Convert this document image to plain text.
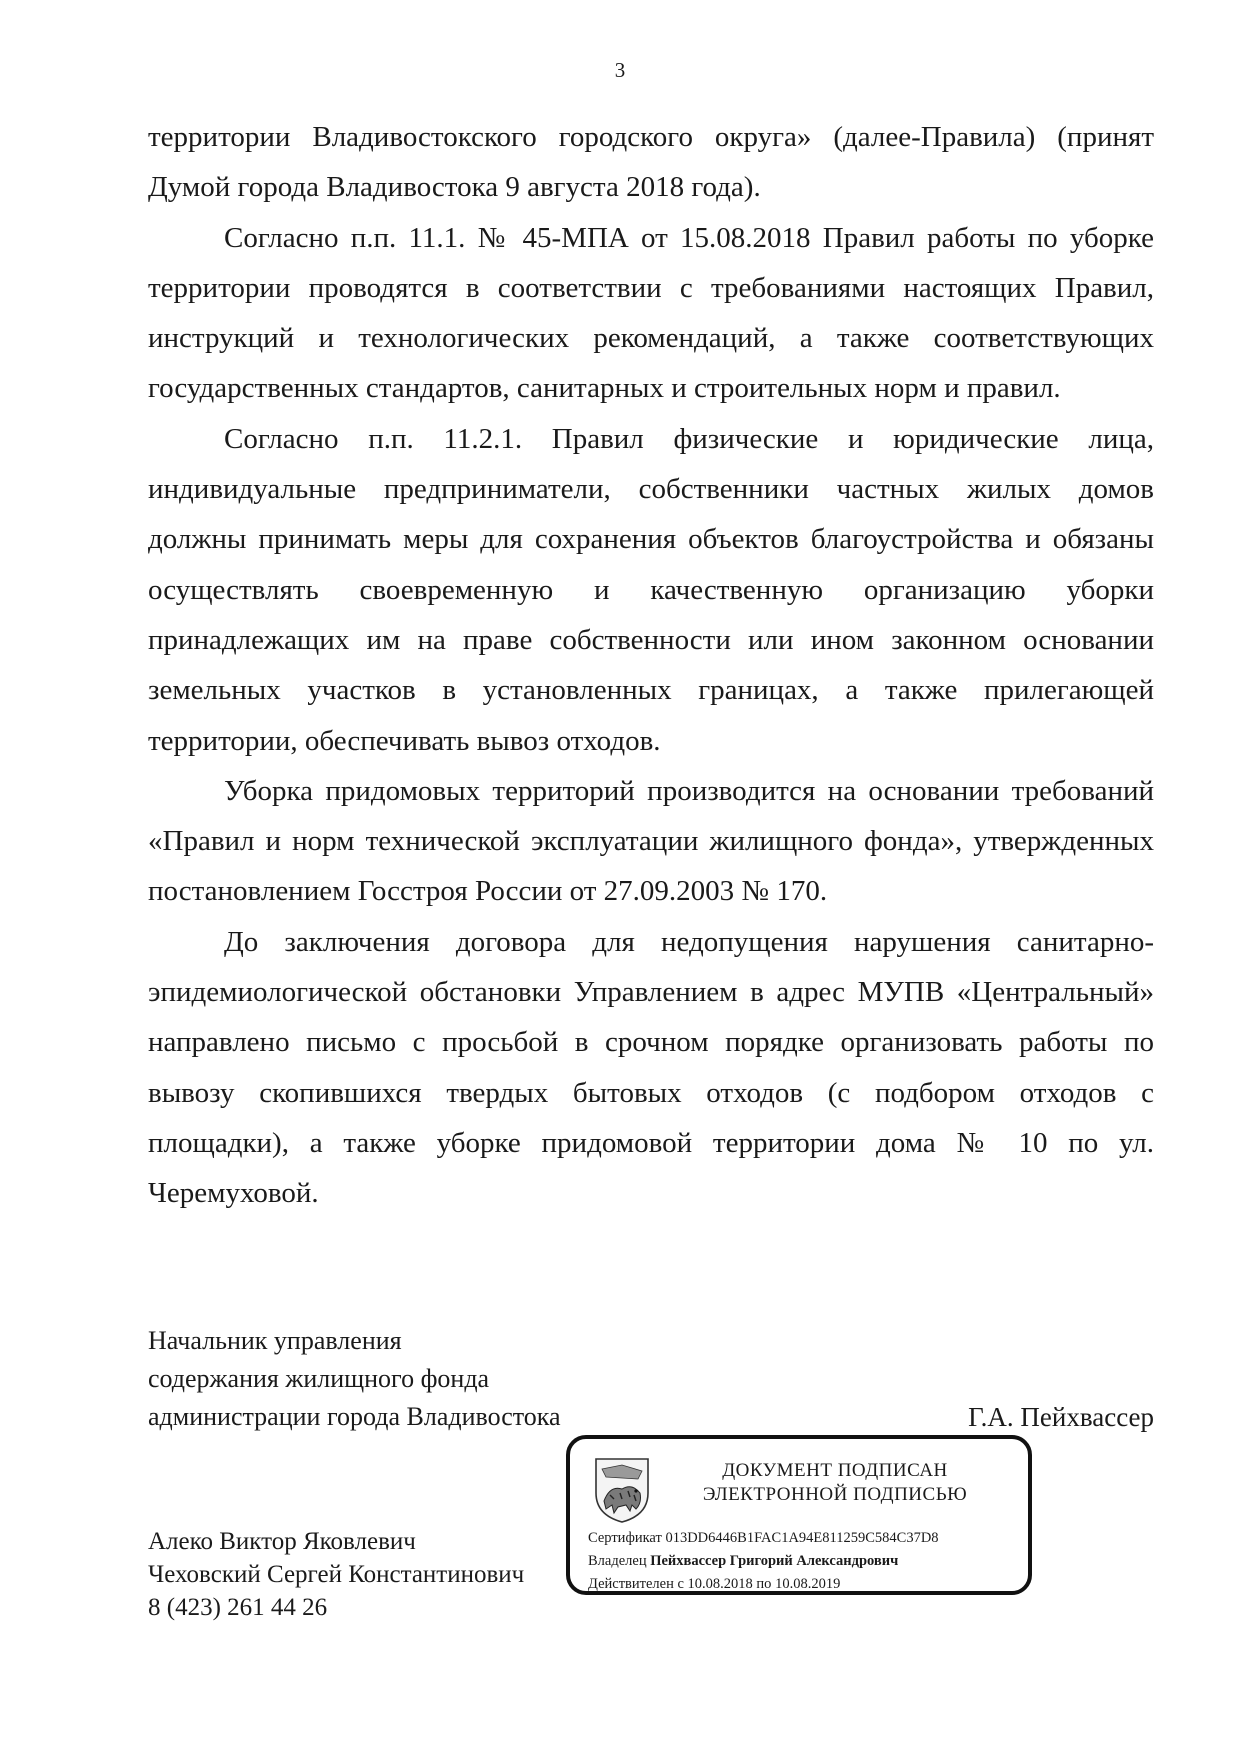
3

территории Владивостокского городского округа» (далее-Правила) (принят Думой города Владивостока 9 августа 2018 года).

Согласно п.п. 11.1. № 45-МПА от 15.08.2018 Правил работы по уборке территории проводятся в соответствии с требованиями настоящих Правил, инструкций и технологических рекомендаций, а также соответствующих государственных стандартов, санитарных и строительных норм и правил.

Согласно п.п. 11.2.1. Правил физические и юридические лица, индивидуальные предприниматели, собственники частных жилых домов должны принимать меры для сохранения объектов благоустройства и обязаны осуществлять своевременную и качественную организацию уборки принадлежащих им на праве собственности или ином законном основании земельных участков в установленных границах, а также прилегающей территории, обеспечивать вывоз отходов.

Уборка придомовых территорий производится на основании требований «Правил и норм технической эксплуатации жилищного фонда», утвержденных постановлением Госстроя России от 27.09.2003 № 170.

До заключения договора для недопущения нарушения санитарно-эпидемиологической обстановки Управлением в адрес МУПВ «Центральный» направлено письмо с просьбой в срочном порядке организовать работы по вывозу скопившихся твердых бытовых отходов (с подбором отходов с площадки), а также уборке придомовой территории дома № 10 по ул. Черемуховой.

Начальник управления
содержания жилищного фонда
администрации города Владивостока	Г.А. Пейхвассер
ДОКУМЕНТ ПОДПИСАН
ЭЛЕКТРОННОЙ ПОДПИСЬЮ
Сертификат 013DD6446B1FAC1A94E811259C584C37D8
Владелец Пейхвассер Григорий Александрович
Действителен с 10.08.2018 по 10.08.2019
Алеко Виктор Яковлевич
Чеховский Сергей Константинович
8 (423) 261 44 26
